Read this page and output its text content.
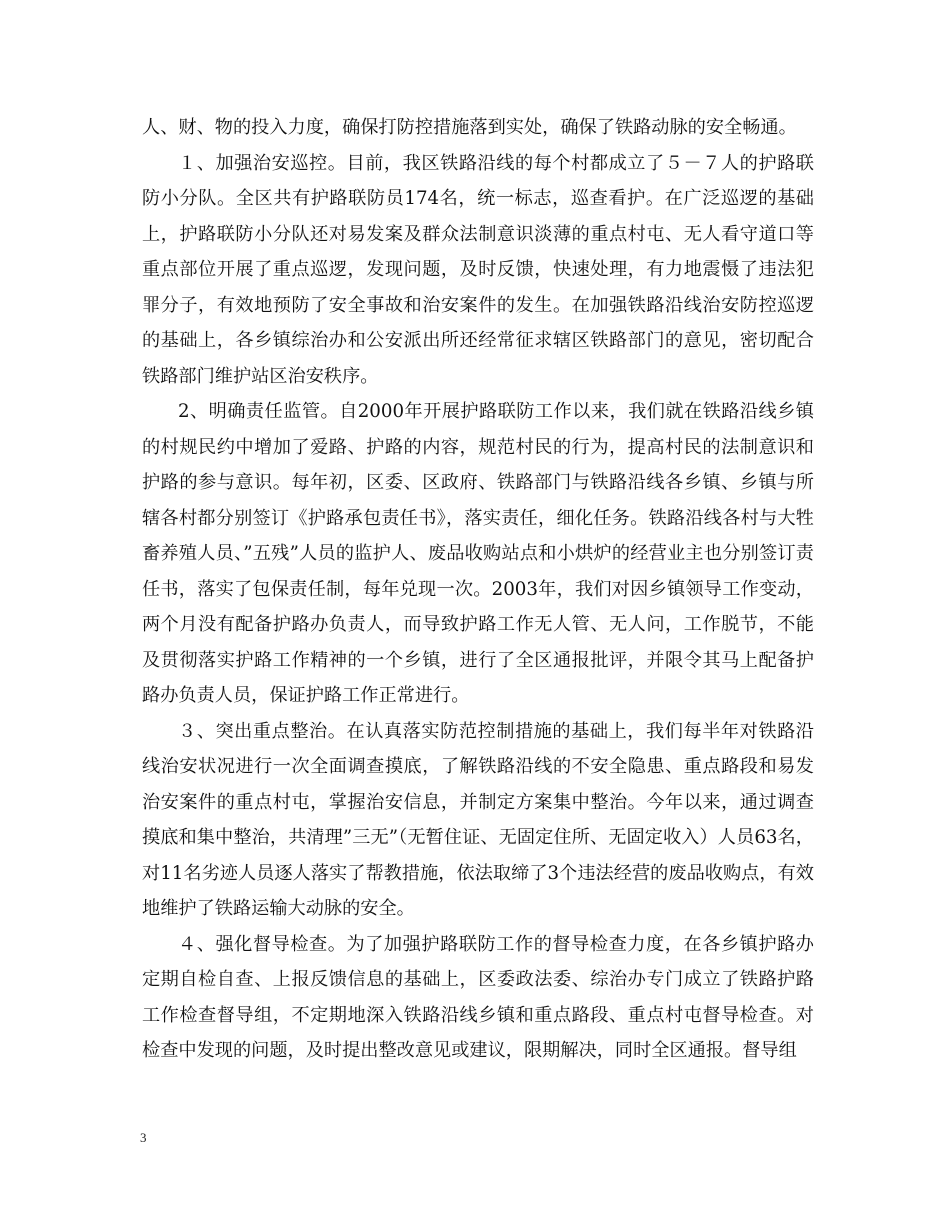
人、财、物的投入力度，确保打防控措施落到实处，确保了铁路动脉的安全畅通。

１、加强治安巡控。目前，我区铁路沿线的每个村都成立了５－７人的护路联防小分队。全区共有护路联防员174名，统一标志，巡查看护。在广泛巡逻的基础上，护路联防小分队还对易发案及群众法制意识淡薄的重点村屯、无人看守道口等重点部位开展了重点巡逻，发现问题，及时反馈，快速处理，有力地震慑了违法犯罪分子，有效地预防了安全事故和治安案件的发生。在加强铁路沿线治安防控巡逻的基础上，各乡镇综治办和公安派出所还经常征求辖区铁路部门的意见，密切配合铁路部门维护站区治安秩序。

2、明确责任监管。自2000年开展护路联防工作以来，我们就在铁路沿线乡镇的村规民约中增加了爱路、护路的内容，规范村民的行为，提高村民的法制意识和护路的参与意识。每年初，区委、区政府、铁路部门与铁路沿线各乡镇、乡镇与所辖各村都分别签订《护路承包责任书》，落实责任，细化任务。铁路沿线各村与大牲畜养殖人员、”五残”人员的监护人、废品收购站点和小烘炉的经营业主也分别签订责任书，落实了包保责任制，每年兑现一次。2003年，我们对因乡镇领导工作变动，两个月没有配备护路办负责人，而导致护路工作无人管、无人问，工作脱节，不能及贯彻落实护路工作精神的一个乡镇，进行了全区通报批评，并限令其马上配备护路办负责人员，保证护路工作正常进行。

３、突出重点整治。在认真落实防范控制措施的基础上，我们每半年对铁路沿线治安状况进行一次全面调查摸底，了解铁路沿线的不安全隐患、重点路段和易发治安案件的重点村屯，掌握治安信息，并制定方案集中整治。今年以来，通过调查摸底和集中整治，共清理”三无”（无暂住证、无固定住所、无固定收入）人员63名，对11名劣迹人员逐人落实了帮教措施，依法取缔了3个违法经营的废品收购点，有效地维护了铁路运输大动脉的安全。

４、强化督导检查。为了加强护路联防工作的督导检查力度，在各乡镇护路办定期自检自查、上报反馈信息的基础上，区委政法委、综治办专门成立了铁路护路工作检查督导组，不定期地深入铁路沿线乡镇和重点路段、重点村屯督导检查。对检查中发现的问题，及时提出整改意见或建议，限期解决，同时全区通报。督导组

3
